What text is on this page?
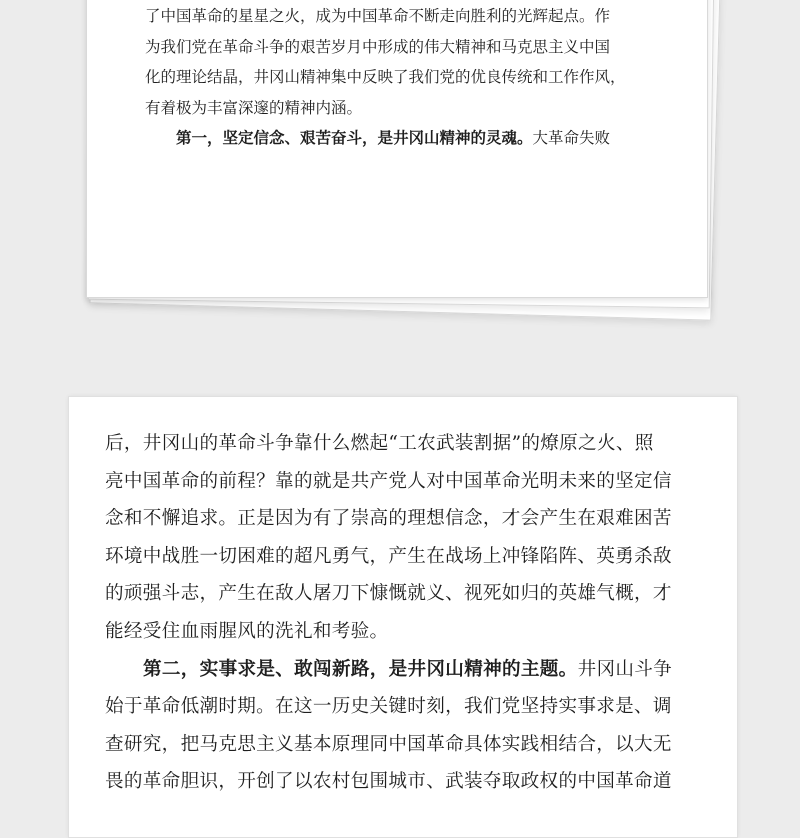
了中国革命的星星之火，成为中国革命不断走向胜利的光辉起点。作
为我们党在革命斗争的艰苦岁月中形成的伟大精神和马克思主义中国
化的理论结晶，井冈山精神集中反映了我们党的优良传统和工作作风，
有着极为丰富深邃的精神内涵。
第一，坚定信念、艰苦奋斗，是井冈山精神的灵魂。大革命失败
后，井冈山的革命斗争靠什么燃起“工农武装割据”的燎原之火、照
亮中国革命的前程？靠的就是共产党人对中国革命光明未来的坚定信
念和不懈追求。正是因为有了崇高的理想信念，才会产生在艰难困苦
环境中战胜一切困难的超凡勇气，产生在战场上冲锋陷阵、英勇杀敌
的顽强斗志，产生在敌人屠刀下慷慨就义、视死如归的英雄气概，才
能经受住血雨腥风的洗礼和考验。
第二，实事求是、敢闯新路，是井冈山精神的主题。井冈山斗争
始于革命低潮时期。在这一历史关键时刻，我们党坚持实事求是、调
查研究，把马克思主义基本原理同中国革命具体实践相结合，以大无
畏的革命胆识，开创了以农村包围城市、武装夺取政权的中国革命道
